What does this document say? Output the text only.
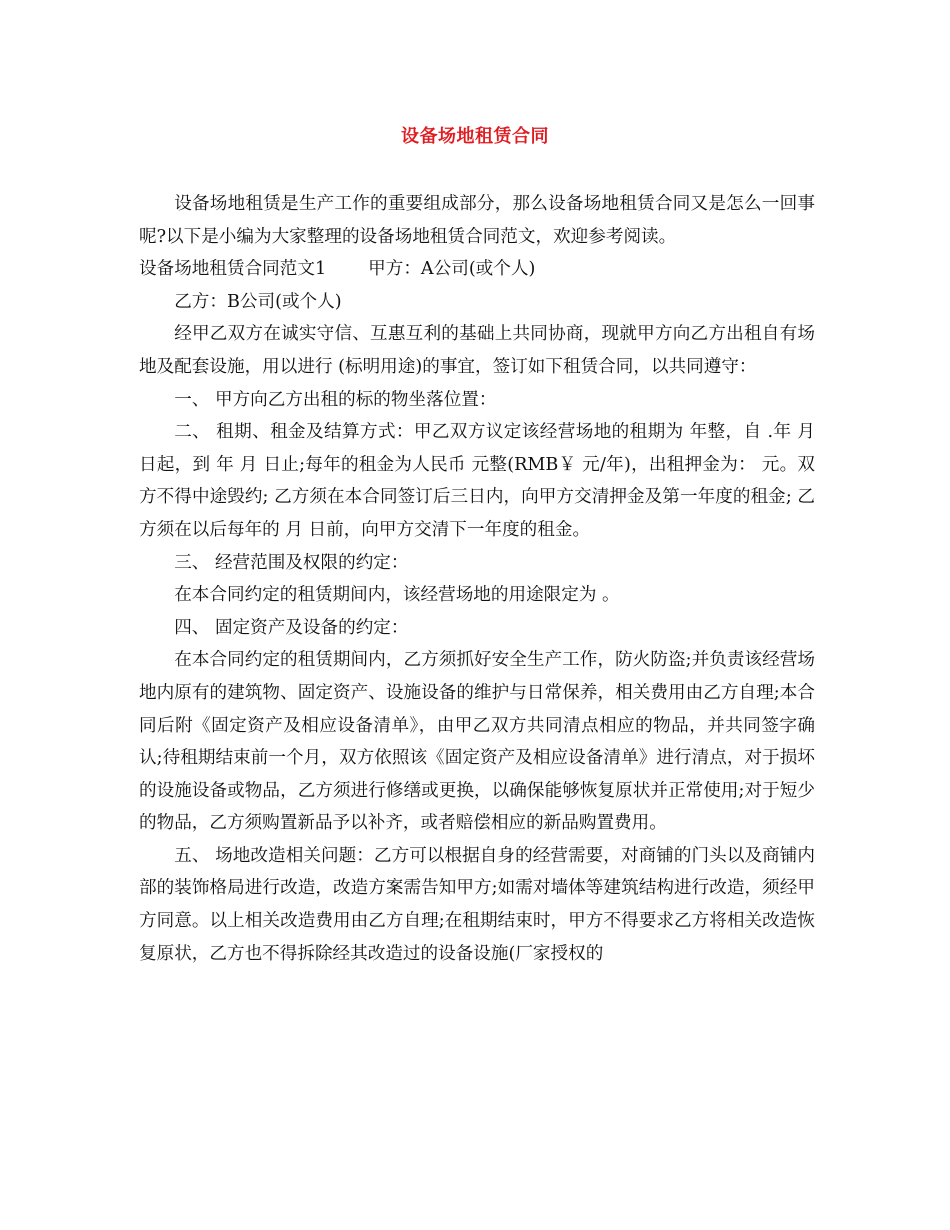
设备场地租赁合同

设备场地租赁是生产工作的重要组成部分，那么设备场地租赁合同又是怎么一回事呢?以下是小编为大家整理的设备场地租赁合同范文，欢迎参考阅读。

设备场地租赁合同范文1 甲方：A公司(或个人)

乙方：B公司(或个人)

经甲乙双方在诚实守信、互惠互利的基础上共同协商，现就甲方向乙方出租自有场地及配套设施，用以进行 (标明用途)的事宜，签订如下租赁合同，以共同遵守：

一、 甲方向乙方出租的标的物坐落位置：

二、 租期、租金及结算方式：甲乙双方议定该经营场地的租期为 年整，自 .年 月 日起，到 年 月 日止;每年的租金为人民币 元整(RMB￥ 元/年)，出租押金为： 元。双方不得中途毁约; 乙方须在本合同签订后三日内，向甲方交清押金及第一年度的租金; 乙方须在以后每年的 月 日前，向甲方交清下一年度的租金。

三、 经营范围及权限的约定：

在本合同约定的租赁期间内，该经营场地的用途限定为 。

四、 固定资产及设备的约定：

在本合同约定的租赁期间内，乙方须抓好安全生产工作，防火防盗;并负责该经营场地内原有的建筑物、固定资产、设施设备的维护与日常保养，相关费用由乙方自理;本合同后附《固定资产及相应设备清单》，由甲乙双方共同清点相应的物品，并共同签字确认;待租期结束前一个月，双方依照该《固定资产及相应设备清单》进行清点，对于损坏的设施设备或物品，乙方须进行修缮或更换，以确保能够恢复原状并正常使用;对于短少的物品，乙方须购置新品予以补齐，或者赔偿相应的新品购置费用。

五、 场地改造相关问题：乙方可以根据自身的经营需要，对商铺的门头以及商铺内部的装饰格局进行改造，改造方案需告知甲方;如需对墙体等建筑结构进行改造，须经甲方同意。以上相关改造费用由乙方自理;在租期结束时，甲方不得要求乙方将相关改造恢复原状，乙方也不得拆除经其改造过的设备设施(厂家授权的
